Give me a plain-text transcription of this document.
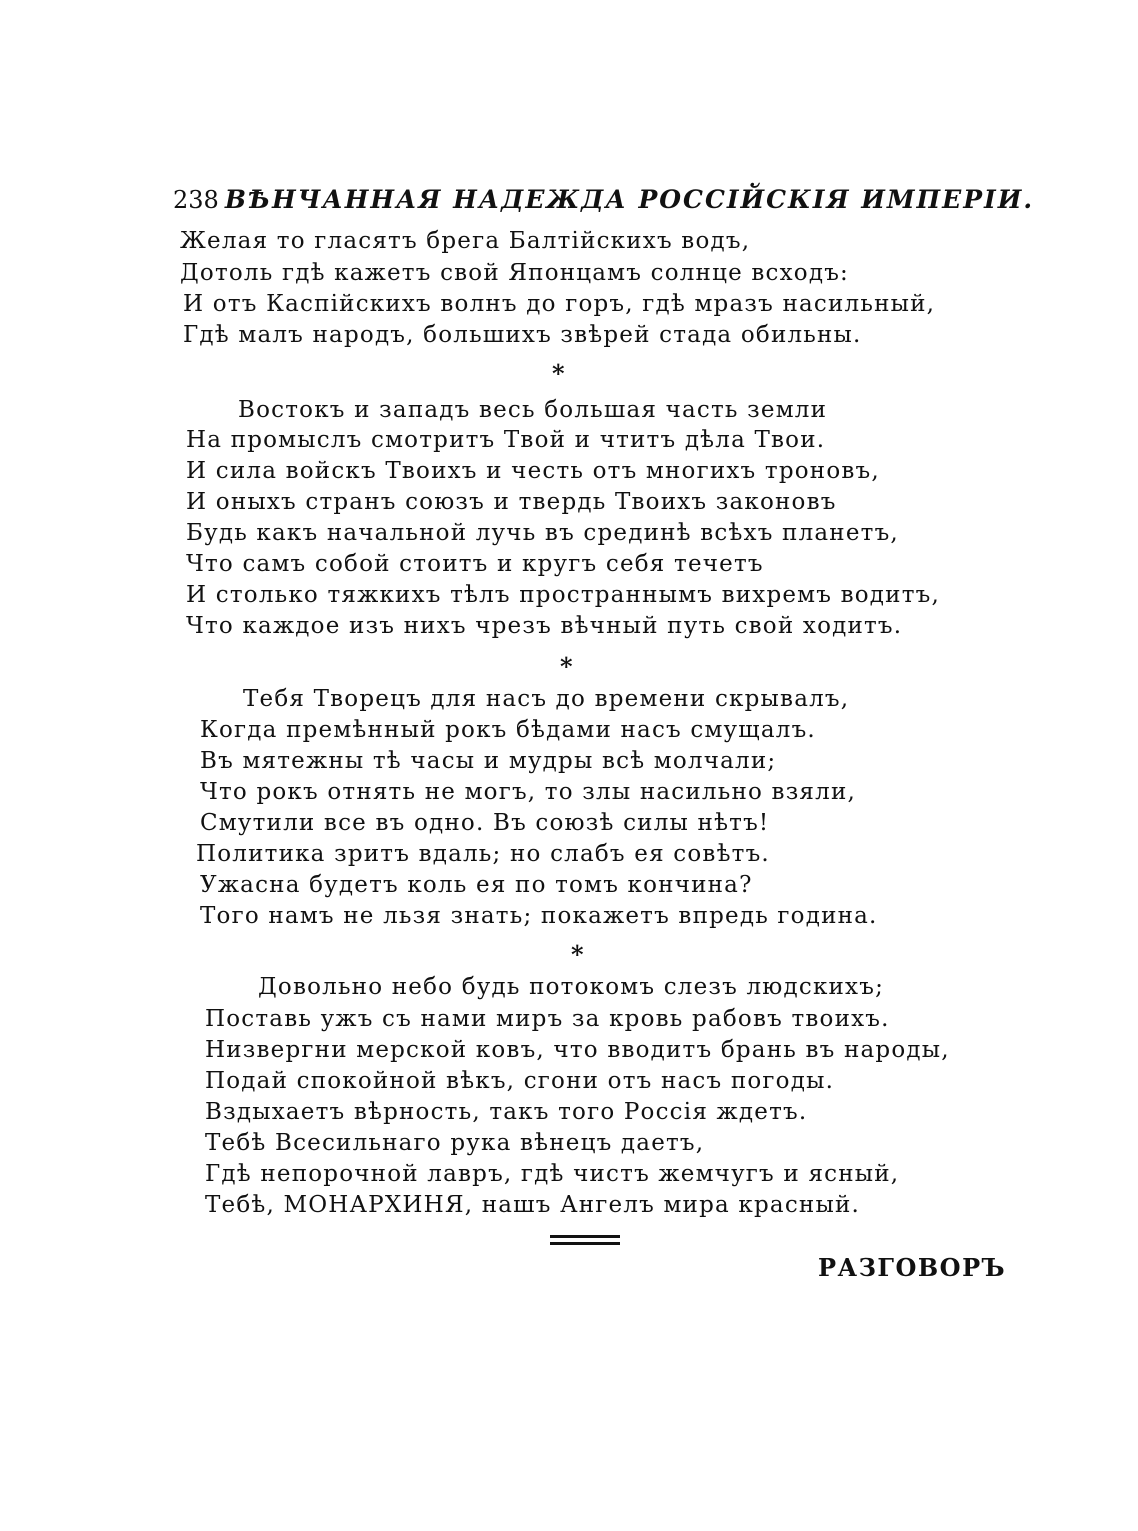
238 ВѢНЧАННАЯ НАДЕЖДА РОССІЙСКІЯ ИМПЕРІИ.
Желая то гласятъ брега Балтійскихъ водъ,
Дотоль гдѣ кажетъ свой Японцамъ солнце всходъ:
И отъ Каспійскихъ волнъ до горъ, гдѣ мразъ насильный,
Гдѣ малъ народъ, большихъ звѣрей стада обильны.
*
Востокъ и западъ весь большая часть земли
На промыслъ смотритъ Твой и чтитъ дѣла Твои.
И сила войскъ Твоихъ и честь отъ многихъ троновъ,
И оныхъ странъ союзъ и твердь Твоихъ законовъ
Будь какъ начальной лучь въ срединѣ всѣхъ планетъ,
Что самъ собой стоитъ и кругъ себя течетъ
И столько тяжкихъ тѣлъ пространнымъ вихремъ водитъ,
Что каждое изъ нихъ чрезъ вѣчный путь свой ходитъ.
*
Тебя Творецъ для насъ до времени скрывалъ,
Когда премѣнный рокъ бѣдами насъ смущалъ.
Въ мятежны тѣ часы и мудры всѣ молчали;
Что рокъ отнять не могъ, то злы насильно взяли,
Смутили все въ одно. Въ союзѣ силы нѣтъ!
Политика зритъ вдаль; но слабъ ея совѣтъ.
Ужасна будетъ коль ея по томъ кончина?
Того намъ не льзя знать; покажетъ впредь година.
*
Довольно небо будь потокомъ слезъ людскихъ;
Поставь ужъ съ нами миръ за кровь рабовъ твоихъ.
Низвергни мерской ковъ, что вводитъ брань въ народы,
Подай спокойной вѣкъ, сгони отъ насъ погоды.
Вздыхаетъ вѣрность, такъ того Россія ждетъ.
Тебѣ Всесильнаго рука вѣнецъ даетъ,
Гдѣ непорочной лавръ, гдѣ чистъ жемчугъ и ясный,
Тебѣ, МОНАРХИНЯ, нашъ Ангелъ мира красный.
РАЗГОВОРЪ
